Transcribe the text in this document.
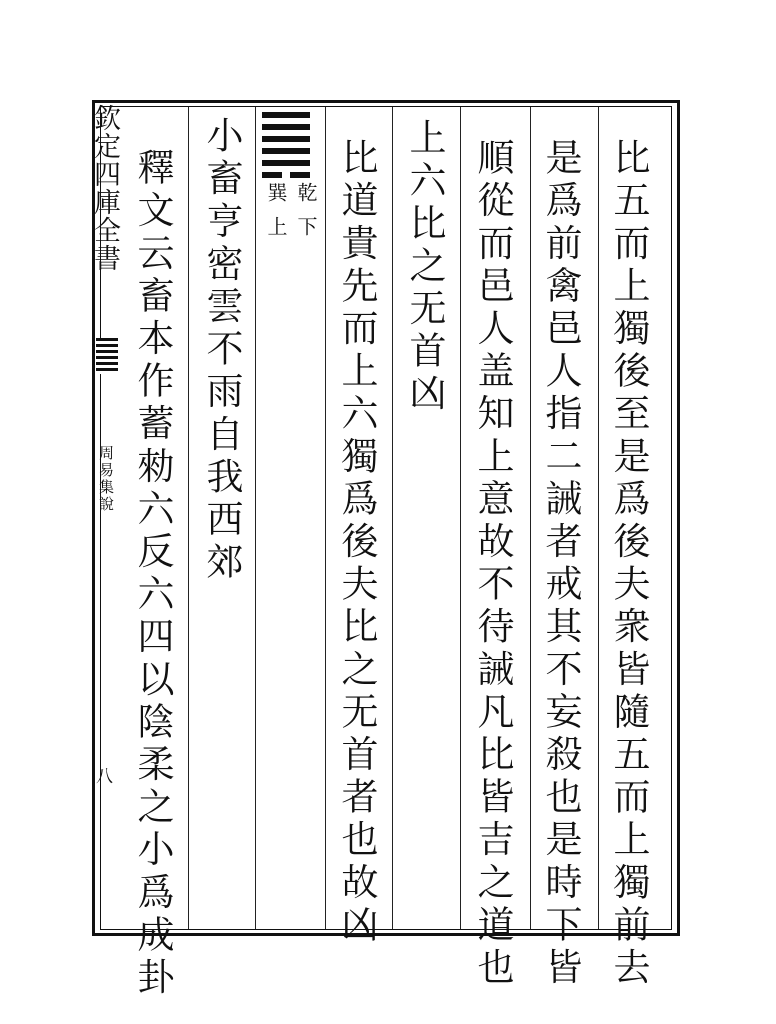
欽定四庫全書
周易集說
八	比五而上獨後至是爲後夫衆皆隨五而上獨前去
是爲前禽邑人指二誡者戒其不妄殺也是時下皆
順從而邑人盖知上意故不待誡凡比皆吉之道也
上六比之无首凶
比道貴先而上六獨爲後夫比之无首者也故凶
乾下
巽上
小畜亨密雲不雨自我西郊
釋文云畜本作蓄勑六反六四以陰柔之小爲成卦
